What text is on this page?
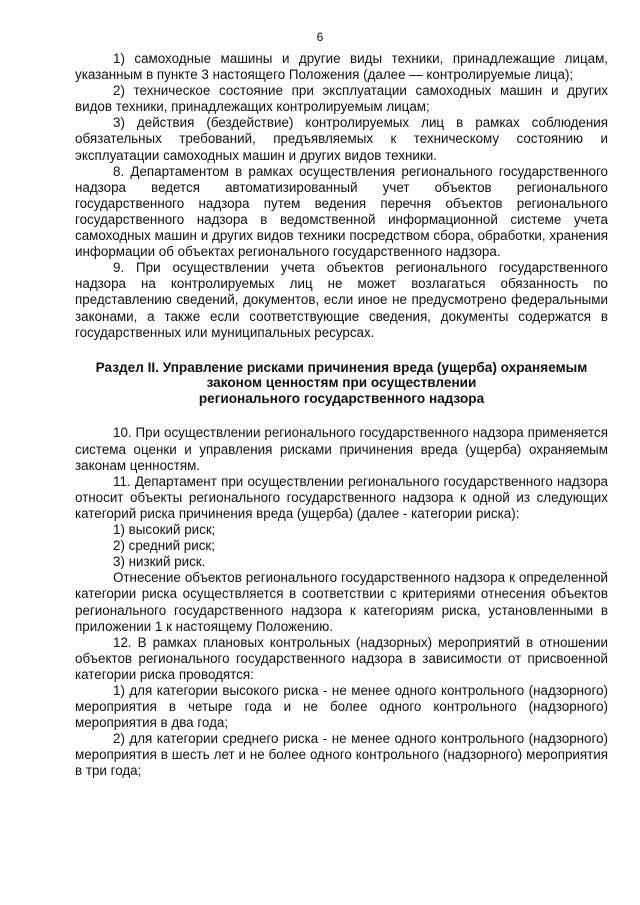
6

1) самоходные машины и другие виды техники, принадлежащие лицам, указанным в пункте 3 настоящего Положения (далее — контролируемые лица);

2) техническое состояние при эксплуатации самоходных машин и других видов техники, принадлежащих контролируемым лицам;

3) действия (бездействие) контролируемых лиц в рамках соблюдения обязательных требований, предъявляемых к техническому состоянию и эксплуатации самоходных машин и других видов техники.

8. Департаментом в рамках осуществления регионального государственного надзора ведется автоматизированный учет объектов регионального государственного надзора путем ведения перечня объектов регионального государственного надзора в ведомственной информационной системе учета самоходных машин и других видов техники посредством сбора, обработки, хранения информации об объектах регионального государственного надзора.

9. При осуществлении учета объектов регионального государственного надзора на контролируемых лиц не может возлагаться обязанность по представлению сведений, документов, если иное не предусмотрено федеральными законами, а также если соответствующие сведения, документы содержатся в государственных или муниципальных ресурсах.

Раздел II. Управление рисками причинения вреда (ущерба) охраняемым
законом ценностям при осуществлении
регионального государственного надзора

10. При осуществлении регионального государственного надзора применяется система оценки и управления рисками причинения вреда (ущерба) охраняемым законам ценностям.

11. Департамент при осуществлении регионального государственного надзора относит объекты регионального государственного надзора к одной из следующих категорий риска причинения вреда (ущерба) (далее - категории риска):

1) высокий риск;

2) средний риск;

3) низкий риск.

Отнесение объектов регионального государственного надзора к определенной категории риска осуществляется в соответствии с критериями отнесения объектов регионального государственного надзора к категориям риска, установленными в приложении 1 к настоящему Положению.

12. В рамках плановых контрольных (надзорных) мероприятий в отношении объектов регионального государственного надзора в зависимости от присвоенной категории риска проводятся:

1) для категории высокого риска - не менее одного контрольного (надзорного) мероприятия в четыре года и не более одного контрольного (надзорного) мероприятия в два года;

2) для категории среднего риска - не менее одного контрольного (надзорного) мероприятия в шесть лет и не более одного контрольного (надзорного) мероприятия в три года;
